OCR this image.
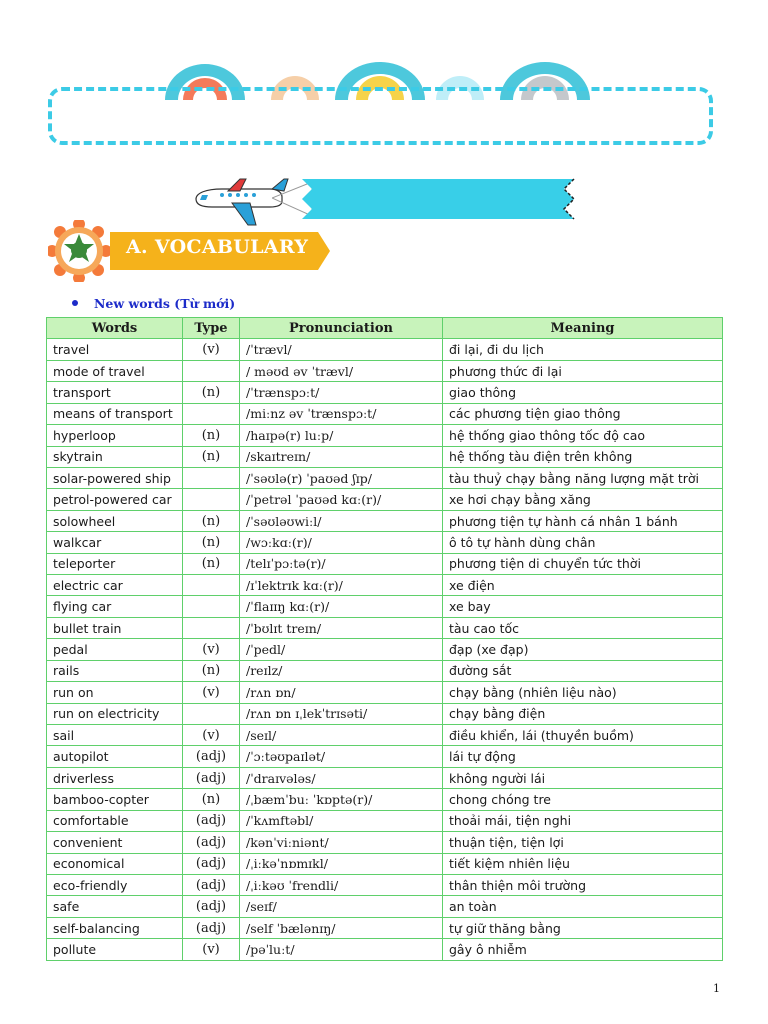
A. VOCABULARY
New words (Từ mới)
Words	Type	Pronunciation	Meaning
travel	(v)	/ˈtrævl/	đi lại, đi du lịch
mode of travel		/ məʊd əv ˈtrævl/	phương thức đi lại
transport	(n)	/ˈtrænspɔːt/	giao thông
means of transport		/miːnz əv ˈtrænspɔːt/	các phương tiện giao thông
hyperloop	(n)	/haɪpə(r) luːp/	hệ thống giao thông tốc độ cao
skytrain	(n)	/skaɪtreɪn/	hệ thống tàu điện trên không
solar-powered ship		/ˈsəʊlə(r) ˈpaʊəd ʃɪp/	tàu thuỷ chạy bằng năng lượng mặt trời
petrol-powered car		/ˈpetrəl ˈpaʊəd kɑː(r)/	xe hơi chạy bằng xăng
solowheel	(n)	/ˈsəʊləʊwiːl/	phương tiện tự hành cá nhân 1 bánh
walkcar	(n)	/wɔːkɑː(r)/	ô tô tự hành dùng chân
teleporter	(n)	/telɪˈpɔːtə(r)/	phương tiện di chuyển tức thời
electric car		/ɪˈlektrɪk kɑː(r)/	xe điện
flying car		/ˈflaɪɪŋ kɑː(r)/	xe bay
bullet train		/ˈbʊlɪt treɪn/	tàu cao tốc
pedal	(v)	/ˈpedl/	đạp (xe đạp)
rails	(n)	/reɪlz/	đường sắt
run on	(v)	/rʌn ɒn/	chạy bằng (nhiên liệu nào)
run on electricity		/rʌn ɒn ɪˌlekˈtrɪsəti/	chạy bằng điện
sail	(v)	/seɪl/	điều khiển, lái (thuyền buồm)
autopilot	(adj)	/ˈɔːtəʊpaɪlət/	lái tự động
driverless	(adj)	/ˈdraɪvələs/	không người lái
bamboo-copter	(n)	/ˌbæmˈbuː ˈkɒptə(r)/	chong chóng tre
comfortable	(adj)	/ˈkʌmftəbl/	thoải mái, tiện nghi
convenient	(adj)	/kənˈviːniənt/	thuận tiện, tiện lợi
economical	(adj)	/ˌiːkəˈnɒmɪkl/	tiết kiệm nhiên liệu
eco-friendly	(adj)	/ˌiːkəʊ ˈfrendli/	thân thiện môi trường
safe	(adj)	/seɪf/	an toàn
self-balancing	(adj)	/self ˈbælənɪŋ/	tự giữ thăng bằng
pollute	(v)	/pəˈluːt/	gây ô nhiễm
1
